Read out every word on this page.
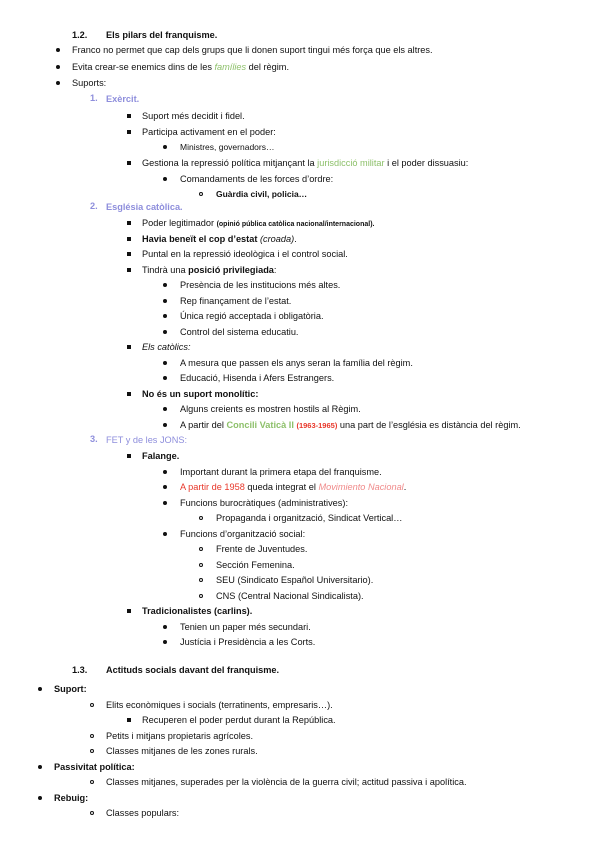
1.2. Els pilars del franquisme.
Franco no permet que cap dels grups que li donen suport tingui més força que els altres.
Evita crear-se enemics dins de les famílies del règim.
Suports:
1. Exèrcit.
Suport més decidit i fidel.
Participa activament en el poder:
Ministres, governadors…
Gestiona la repressió política mitjançant la jurisdicció militar i el poder dissuasiu:
Comandaments de les forces d’ordre:
Guàrdia civil, policia…
2. Església catòlica.
Poder legitimador (opinió pública catòlica nacional/internacional).
Havia beneït el cop d’estat (croada).
Puntal en la repressió ideològica i el control social.
Tindrà una posició privilegiada:
Presència de les institucions més altes.
Rep finançament de l’estat.
Única regió acceptada i obligatòria.
Control del sistema educatiu.
Els catòlics:
A mesura que passen els anys seran la família del règim.
Educació, Hisenda i Afers Estrangers.
No és un suport monolític:
Alguns creients es mostren hostils al Règim.
A partir del Concili Vaticà II (1963-1965) una part de l’església es distància del règim.
3. FET y de les JONS:
Falange.
Important durant la primera etapa del franquisme.
A partir de 1958 queda integrat el Movimiento Nacional.
Funcions burocràtiques (administratives):
Propaganda i organització, Sindicat Vertical…
Funcions d’organització social:
Frente de Juventudes.
Sección Femenina.
SEU (Sindicato Español Universitario).
CNS (Central Nacional Sindicalista).
Tradicionalistes (carlins).
Tenien un paper més secundari.
Justícia i Presidència a les Corts.
1.3. Actituds socials davant del franquisme.
Suport:
Elits econòmiques i socials (terratinents, empresaris…).
Recuperen el poder perdut durant la República.
Petits i mitjans propietaris agrícoles.
Classes mitjanes de les zones rurals.
Passivitat política:
Classes mitjanes, superades per la violència de la guerra civil; actitud passiva i apolítica.
Rebuig:
Classes populars:
